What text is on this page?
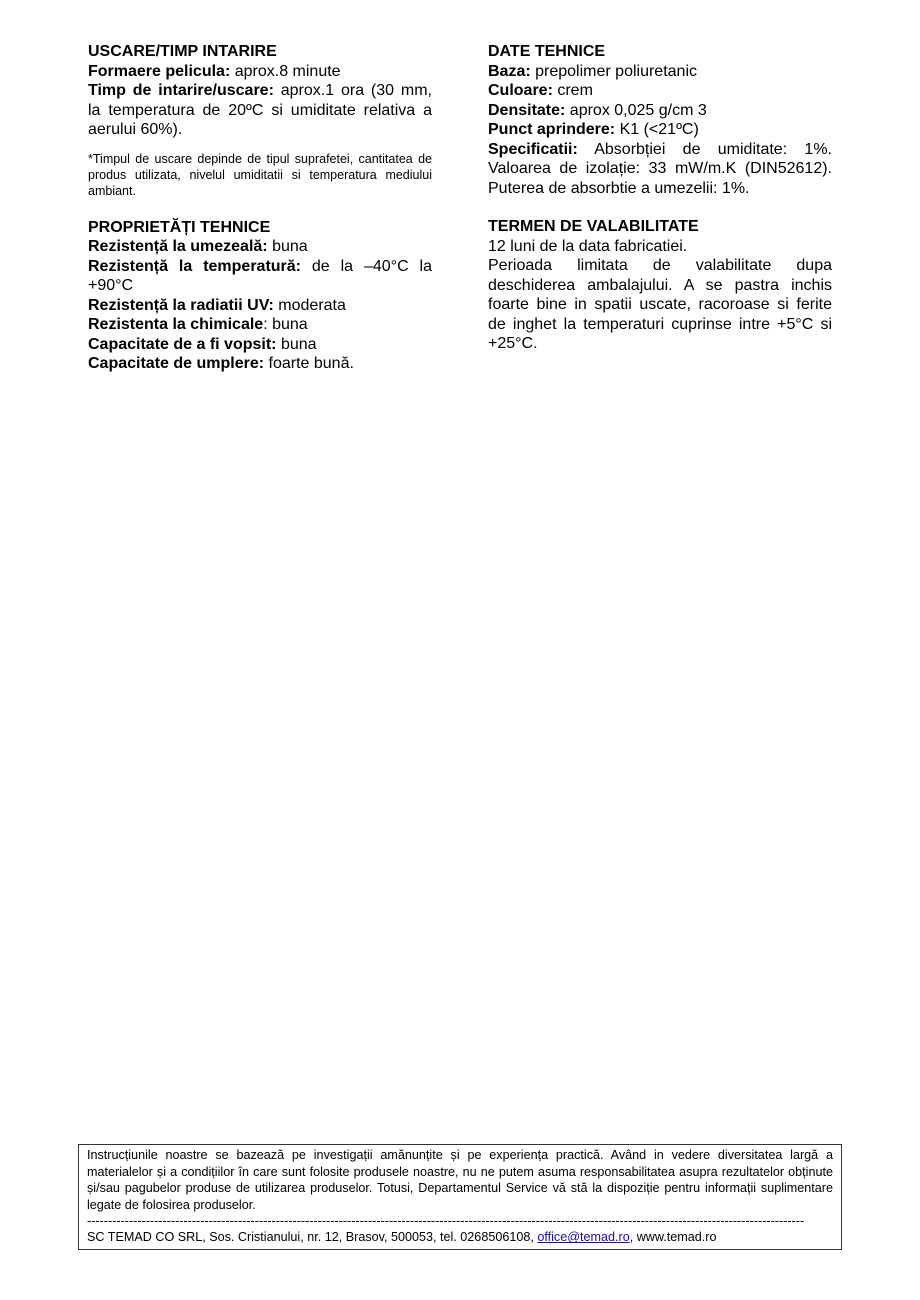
USCARE/TIMP INTARIRE
Formaere pelicula: aprox.8 minute
Timp de intarire/uscare: aprox.1 ora (30 mm, la temperatura de 20ºC si umiditate relativa a aerului 60%).
*Timpul de uscare depinde de tipul suprafetei, cantitatea de produs utilizata, nivelul umiditatii si temperatura mediului ambiant.
PROPRIETĂȚI TEHNICE
Rezistență la umezeală: buna
Rezistență la temperatură: de la –40°C la +90°C
Rezistență la radiatii UV: moderata
Rezistenta la chimicale: buna
Capacitate de a fi vopsit: buna
Capacitate de umplere: foarte bună.
DATE TEHNICE
Baza: prepolimer poliuretanic
Culoare: crem
Densitate: aprox 0,025 g/cm 3
Punct aprindere: K1 (<21ºC)
Specificatii: Absorbției de umiditate: 1%. Valoarea de izolație: 33 mW/m.K (DIN52612). Puterea de absorbtie a umezelii: 1%.
TERMEN DE VALABILITATE
12 luni de la data fabricatiei.
Perioada limitata de valabilitate dupa deschiderea ambalajului. A se pastra inchis foarte bine in spatii uscate, racoroase si ferite de inghet la temperaturi cuprinse intre +5°C si +25°C.
Instrucțiunile noastre se bazează pe investigații amănunțite și pe experiența practică. Având in vedere diversitatea largă a materialelor și a condițiilor în care sunt folosite produsele noastre, nu ne putem asuma responsabilitatea asupra rezultatelor obținute și/sau pagubelor produse de utilizarea produselor. Totusi, Departamentul Service vă stă la dispoziție pentru informații suplimentare legate de folosirea produselor.
---------------------------------------------------------------------------------------------------------------------------------------------------------------------------
SC TEMAD CO SRL, Sos. Cristianului, nr. 12, Brasov, 500053, tel. 0268506108, office@temad.ro, www.temad.ro
